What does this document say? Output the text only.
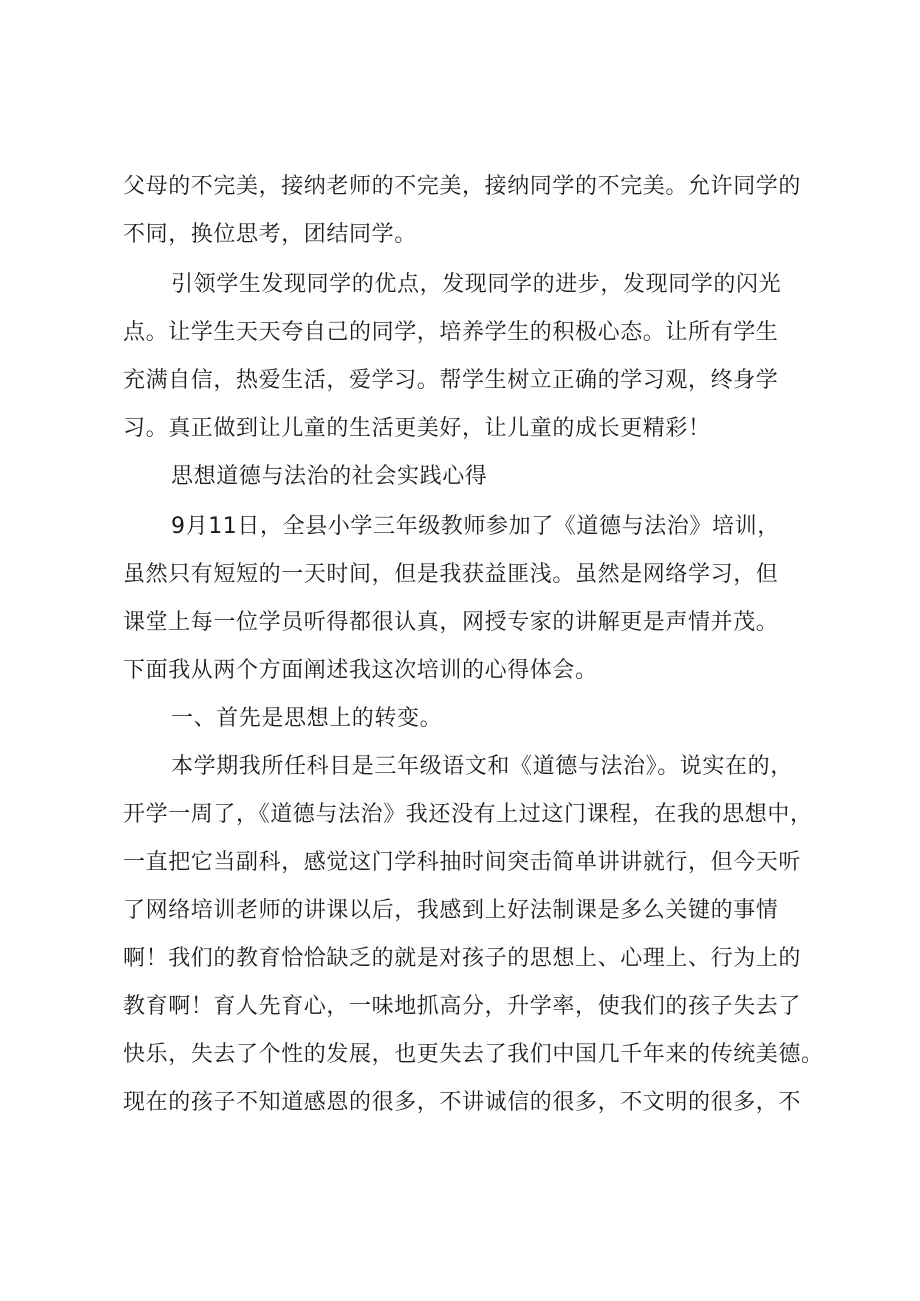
父母的不完美，接纳老师的不完美，接纳同学的不完美。允许同学的
不同，换位思考，团结同学。
引领学生发现同学的优点，发现同学的进步，发现同学的闪光
点。让学生天天夸自己的同学，培养学生的积极心态。让所有学生
充满自信，热爱生活，爱学习。帮学生树立正确的学习观，终身学
习。真正做到让儿童的生活更美好，让儿童的成长更精彩！
思想道德与法治的社会实践心得
9月11日，全县小学三年级教师参加了《道德与法治》培训，
虽然只有短短的一天时间，但是我获益匪浅。虽然是网络学习，但
课堂上每一位学员听得都很认真，网授专家的讲解更是声情并茂。
下面我从两个方面阐述我这次培训的心得体会。
一、首先是思想上的转变。
本学期我所任科目是三年级语文和《道德与法治》。说实在的，
开学一周了，《道德与法治》我还没有上过这门课程，在我的思想中，
一直把它当副科，感觉这门学科抽时间突击简单讲讲就行，但今天听
了网络培训老师的讲课以后，我感到上好法制课是多么关键的事情
啊！我们的教育恰恰缺乏的就是对孩子的思想上、心理上、行为上的
教育啊！育人先育心，一味地抓高分，升学率，使我们的孩子失去了
快乐，失去了个性的发展，也更失去了我们中国几千年来的传统美德。
现在的孩子不知道感恩的很多，不讲诚信的很多，不文明的很多，不
